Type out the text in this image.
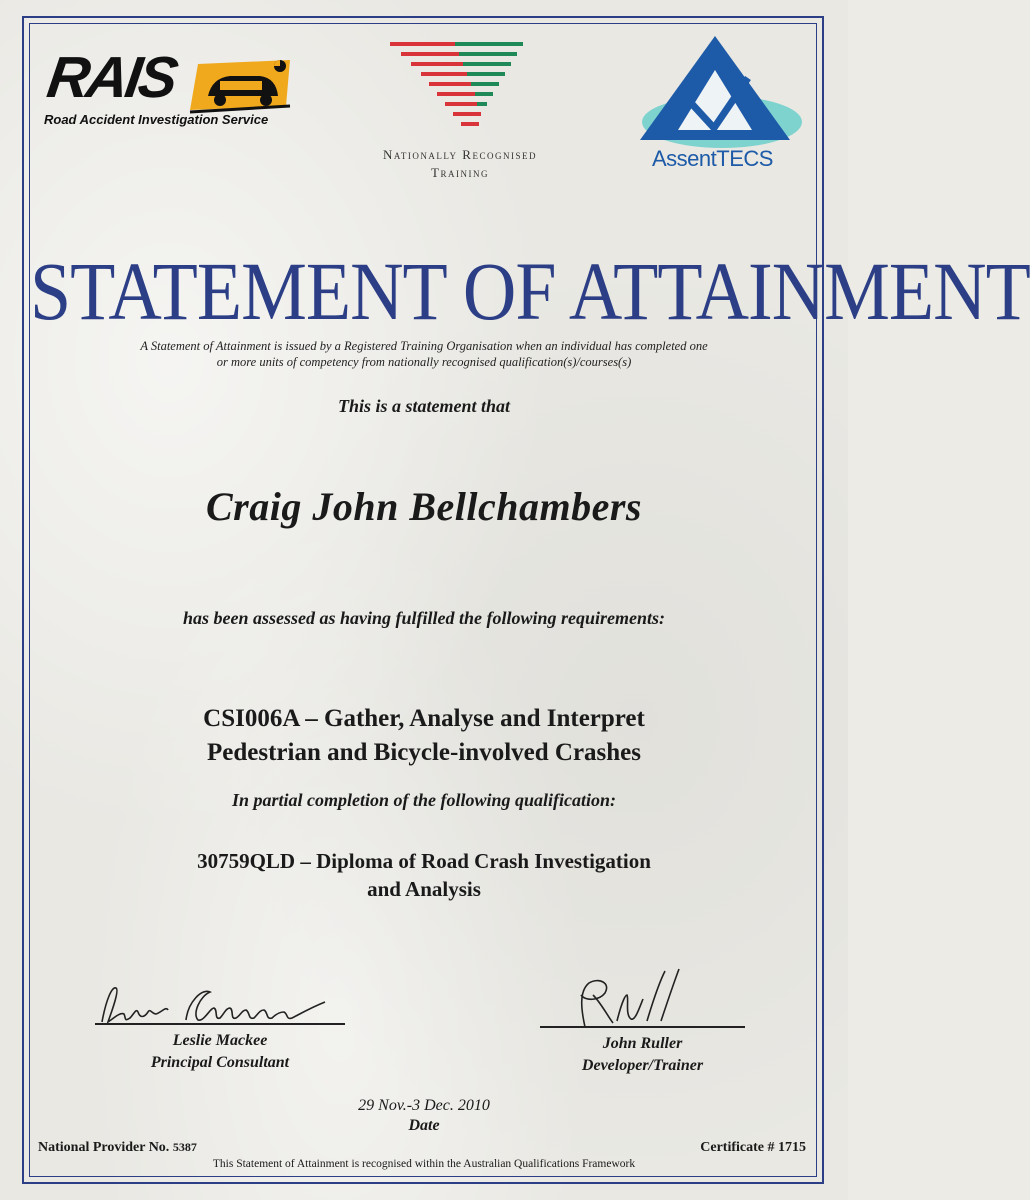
RAIS
Road Accident Investigation Service
Nationally Recognised
Training
AssentTECS
STATEMENT OF ATTAINMENT
A Statement of Attainment is issued by a Registered Training Organisation when an individual has completed one
or more units of competency from nationally recognised qualification(s)/courses(s)
This is a statement that
Craig John Bellchambers
has been assessed as having fulfilled the following requirements:
CSI006A – Gather, Analyse and Interpret
Pedestrian and Bicycle-involved Crashes
In partial completion of the following qualification:
30759QLD – Diploma of Road Crash Investigation
and Analysis
Leslie Mackee
Principal Consultant
John Ruller
Developer/Trainer
29 Nov.-3 Dec. 2010
Date
National Provider No. 5387	Certificate # 1715
This Statement of Attainment is recognised within the Australian Qualifications Framework
